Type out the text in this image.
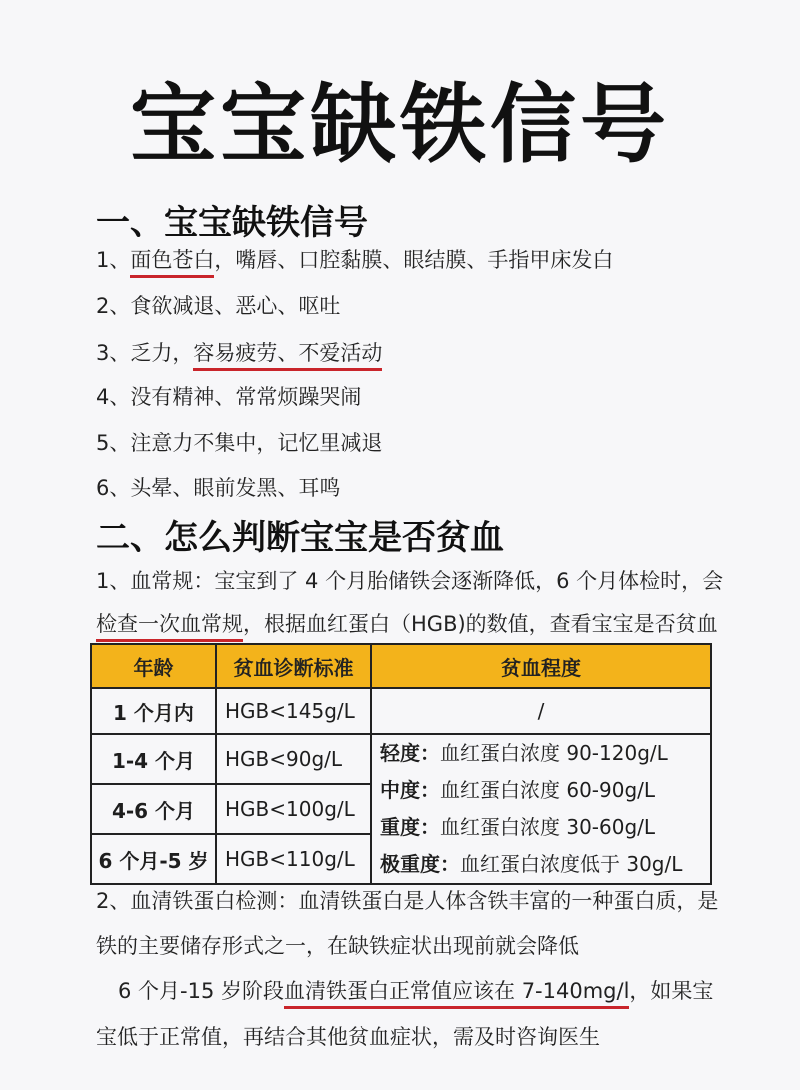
宝宝缺铁信号
一、宝宝缺铁信号
1、面色苍白，嘴唇、口腔黏膜、眼结膜、手指甲床发白
2、食欲减退、恶心、呕吐
3、乏力，容易疲劳、不爱活动
4、没有精神、常常烦躁哭闹
5、注意力不集中，记忆里减退
6、头晕、眼前发黑、耳鸣
二、怎么判断宝宝是否贫血
1、血常规：宝宝到了 4 个月胎储铁会逐渐降低，6 个月体检时，会
检查一次血常规，根据血红蛋白（HGB)的数值，查看宝宝是否贫血
年龄	贫血诊断标准	贫血程度
1 个月内	HGB<145g/L	/
1-4 个月	HGB<90g/L	轻度：血红蛋白浓度 90-120g/L
中度：血红蛋白浓度 60-90g/L
重度：血红蛋白浓度 30-60g/L
极重度：血红蛋白浓度低于 30g/L

4-6 个月	HGB<100g/L	
6 个月-5 岁	HGB<110g/L	
2、血清铁蛋白检测：血清铁蛋白是人体含铁丰富的一种蛋白质，是
铁的主要储存形式之一，在缺铁症状出现前就会降低
6 个月-15 岁阶段血清铁蛋白正常值应该在 7-140mg/l，如果宝
宝低于正常值，再结合其他贫血症状，需及时咨询医生
